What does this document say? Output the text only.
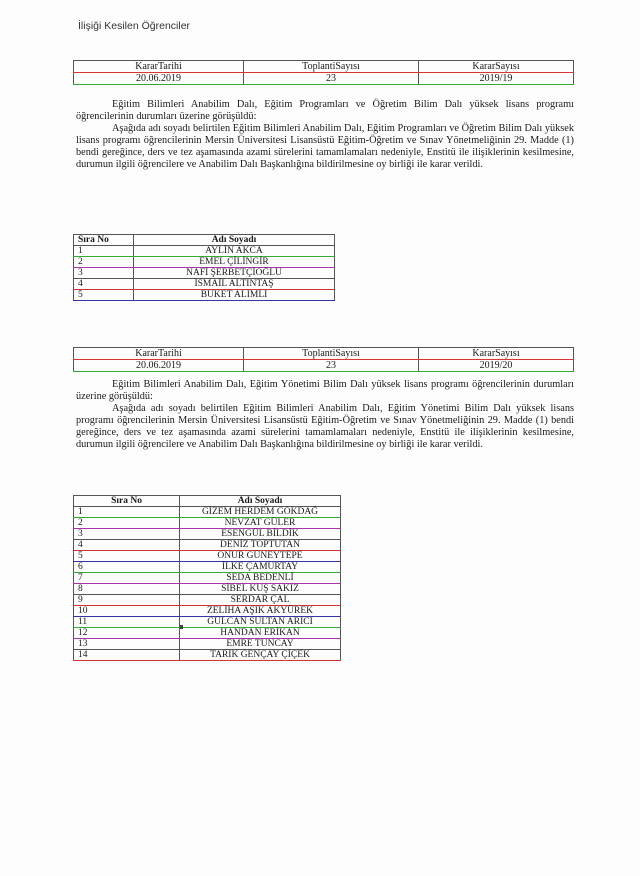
İlişiği Kesilen Öğrenciler
KararTarihi	ToplantiSayısı	KararSayısı
20.06.2019	23	2019/19

Eğitim Bilimleri Anabilim Dalı, Eğitim Programları ve Öğretim Bilim Dalı yüksek lisans programı öğrencilerinin durumları üzerine görüşüldü:

Aşağıda adı soyadı belirtilen Eğitim Bilimleri Anabilim Dalı, Eğitim Programları ve Öğretim Bilim Dalı yüksek lisans programı öğrencilerinin Mersin Üniversitesi Lisansüstü Eğitim-Öğretim ve Sınav Yönetmeliğinin 29. Madde (1) bendi gereğince, ders ve tez aşamasında azami sürelerini tamamlamaları nedeniyle, Enstitü ile ilişiklerinin kesilmesine, durumun ilgili öğrencilere ve Anabilim Dalı Başkanlığına bildirilmesine oy birliği ile karar verildi.

Sıra No	Adı Soyadı
1	AYLİN AKCA
2	EMEL ÇİLİNGİR
3	NAFİ ŞERBETÇİOĞLU
4	İSMAİL ALTINTAŞ
5	BUKET ALIMLI
KararTarihi	ToplantiSayısı	KararSayısı
20.06.2019	23	2019/20

Eğitim Bilimleri Anabilim Dalı, Eğitim Yönetimi Bilim Dalı yüksek lisans programı öğrencilerinin durumları üzerine görüşüldü:

Aşağıda adı soyadı belirtilen Eğitim Bilimleri Anabilim Dalı, Eğitim Yönetimi Bilim Dalı yüksek lisans programı öğrencilerinin Mersin Üniversitesi Lisansüstü Eğitim-Öğretim ve Sınav Yönetmeliğinin 29. Madde (1) bendi gereğince, ders ve tez aşamasında azami sürelerini tamamlamaları nedeniyle, Enstitü ile ilişiklerinin kesilmesine, durumun ilgili öğrencilere ve Anabilim Dalı Başkanlığına bildirilmesine oy birliği ile karar verildi.

Sıra No	Adı Soyadı
1	GİZEM HERDEM GÖKDAĞ
2	NEVZAT GÜLER
3	ESENGÜL BİLDİK
4	DENİZ TOPTUTAN
5	ONUR GÜNEYTEPE
6	İLKE ÇAMURTAY
7	SEDA BEDENLİ
8	SİBEL KUŞ SAKIZ
9	SERDAR ÇAL
10	ZELİHA AŞIK AKYÜREK
11	GÜLCAN SULTAN ARICI
12	HANDAN ERİKAN
13	EMRE TUNCAY
14	TARIK GENÇAY ÇİÇEK
